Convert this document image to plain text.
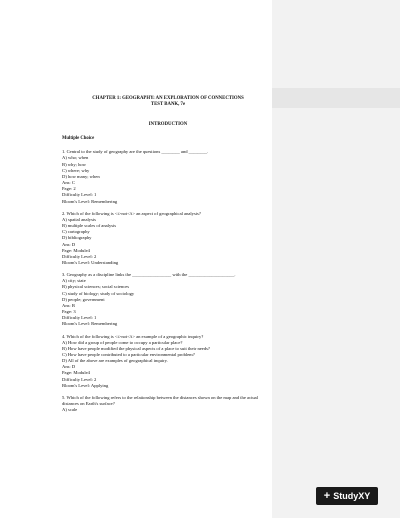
CHAPTER 1: GEOGRAPHY: AN EXPLORATION OF CONNECTIONS

TEST BANK, 7e

INTRODUCTION
Multiple Choice

1. Central to the study of geography are the questions ________ and ________.

A) who; when

B) why; how

C) where; why

D) how many; when

Ans: C

Page: 2

Difficulty Level: 1

Bloom's Level: Remembering

2. Which of the following is <i>not</i> an aspect of geographical analysis?

A) spatial analysis

B) multiple scales of analysis

C) cartography

D) bibliography

Ans: D

Page: Module4

Difficulty Level: 2

Bloom's Level: Understanding

3. Geography as a discipline links the _________________ with the ____________________.

A) city; state

B) physical sciences; social sciences

C) study of biology; study of sociology

D) people; government

Ans: B

Page: 3

Difficulty Level: 1

Bloom's Level: Remembering

4. Which of the following is <i>not</i> an example of a geographic inquiry?

A) How did a group of people come to occupy a particular place?

B) How have people modified the physical aspects of a place to suit their needs?

C) How have people contributed to a particular environmental problem?

D) All of the above are examples of geographical inquiry.

Ans: D

Page: Module4

Difficulty Level: 2

Bloom's Level: Applying

5. Which of the following refers to the relationship between the distances shown on the map and the actual distances on Earth's surface?

A) scale

+ StudyXY
